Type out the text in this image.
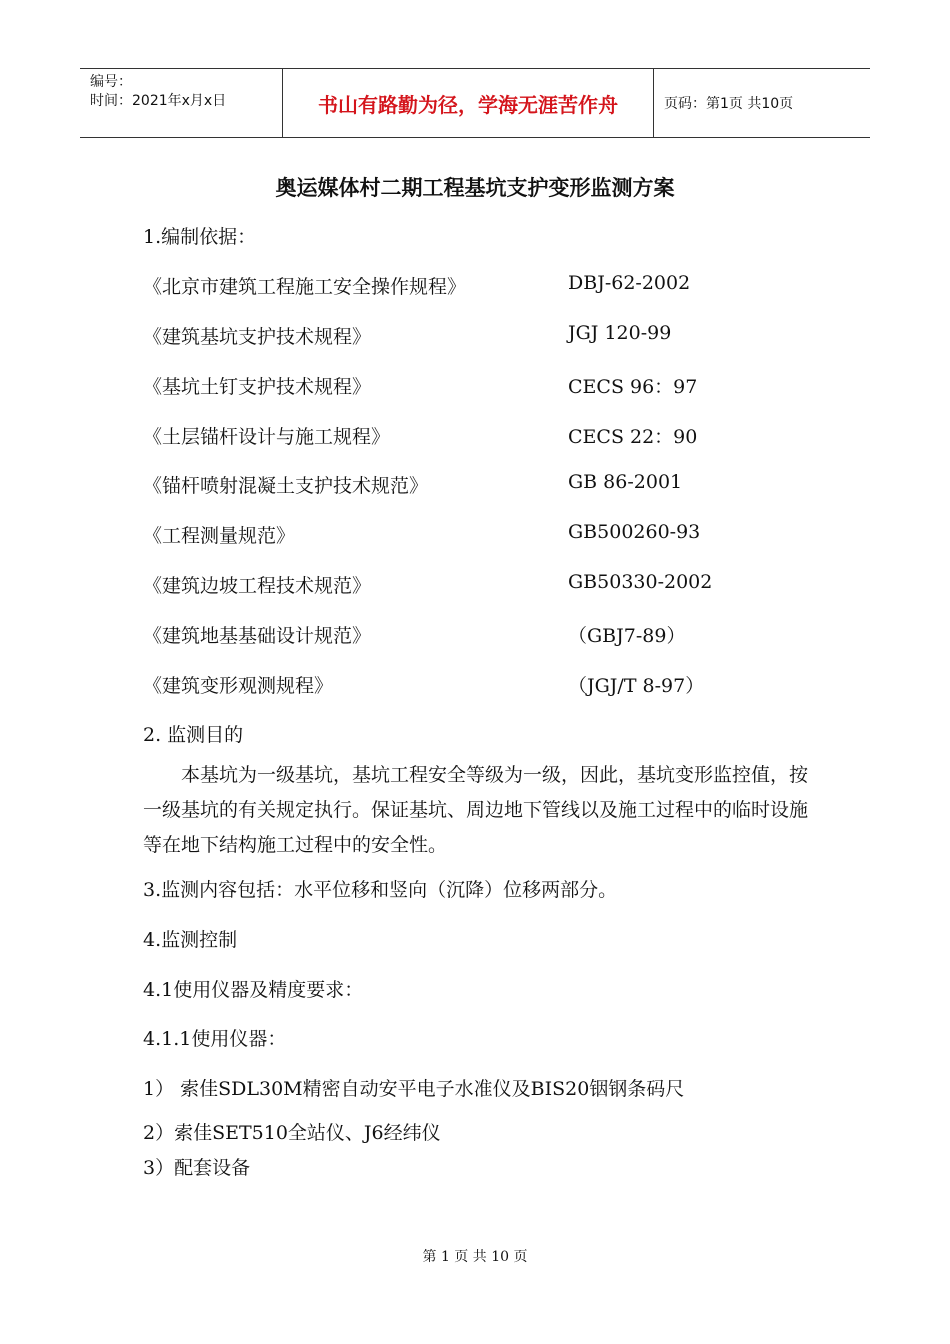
编号：
时间：2021年x月x日	书山有路勤为径，学海无涯苦作舟	页码：第1页 共10页
奥运媒体村二期工程基坑支护变形监测方案
1.编制依据：
《北京市建筑工程施工安全操作规程》	DBJ-62-2002
《建筑基坑支护技术规程》	JGJ 120-99
《基坑土钉支护技术规程》	CECS 96：97
《土层锚杆设计与施工规程》	CECS 22：90
《锚杆喷射混凝土支护技术规范》	GB 86-2001
《工程测量规范》	GB500260-93
《建筑边坡工程技术规范》	GB50330-2002
《建筑地基基础设计规范》	（GBJ7-89）
《建筑变形观测规程》	（JGJ/T 8-97）
2. 监测目的
本基坑为一级基坑，基坑工程安全等级为一级，因此，基坑变形监控值，按一级基坑的有关规定执行。保证基坑、周边地下管线以及施工过程中的临时设施等在地下结构施工过程中的安全性。
3.监测内容包括：水平位移和竖向（沉降）位移两部分。
4.监测控制
4.1使用仪器及精度要求：
4.1.1使用仪器：
1） 索佳SDL30M精密自动安平电子水准仪及BIS20铟钢条码尺
2）索佳SET510全站仪、J6经纬仪
3）配套设备
第 1 页 共 10 页
